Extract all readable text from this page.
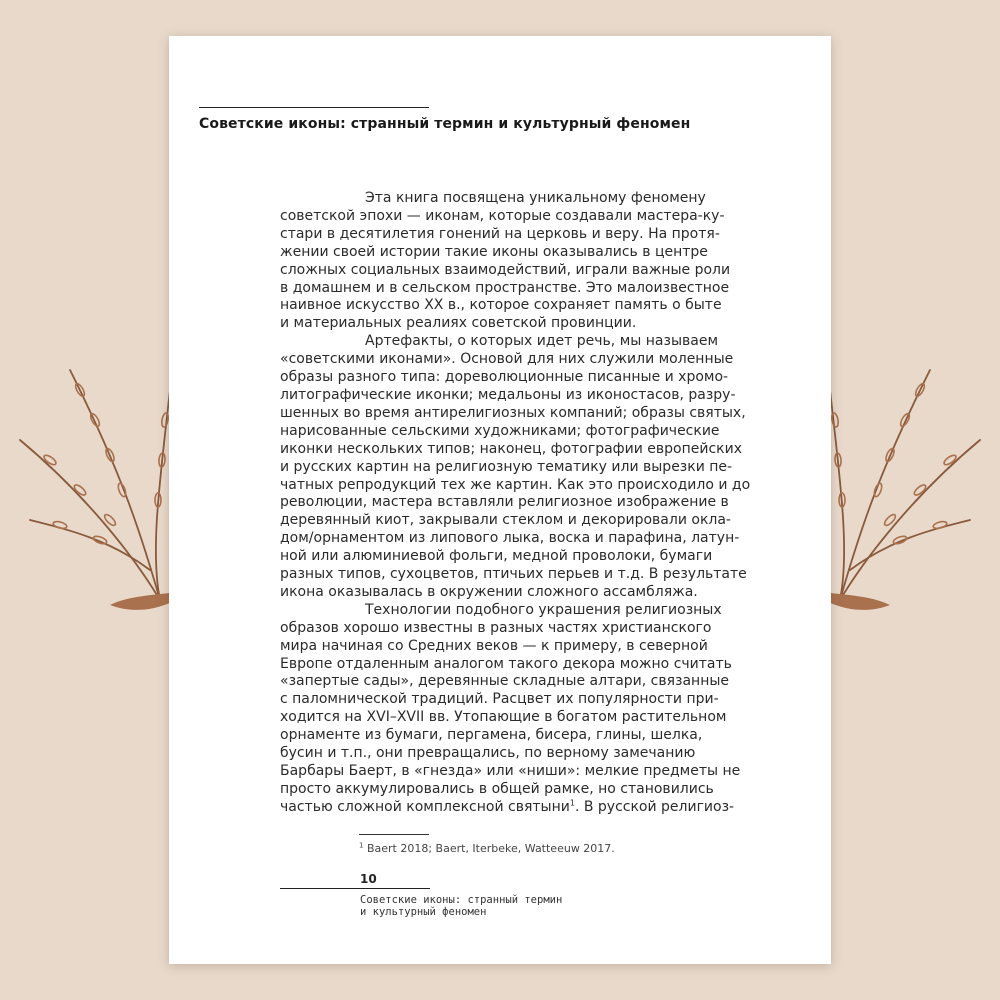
Советские иконы: странный термин и культурный феномен
Эта книга посвящена уникальному феномену
советской эпохи — иконам, которые создавали мастера-ку-
стари в десятилетия гонений на церковь и веру. На протя-
жении своей истории такие иконы оказывались в центре
сложных социальных взаимодействий, играли важные роли
в домашнем и в сельском пространстве. Это малоизвестное
наивное искусство XX в., которое сохраняет память о быте
и материальных реалиях советской провинции.
Артефакты, о которых идет речь, мы называем
«советскими иконами». Основой для них служили моленные
образы разного типа: дореволюционные писанные и хромо-
литографические иконки; медальоны из иконостасов, разру-
шенных во время антирелигиозных компаний; образы святых,
нарисованные сельскими художниками; фотографические
иконки нескольких типов; наконец, фотографии европейских
и русских картин на религиозную тематику или вырезки пе-
чатных репродукций тех же картин. Как это происходило и до
революции, мастера вставляли религиозное изображение в
деревянный киот, закрывали стеклом и декорировали оклa-
дом/орнаментом из липового лыка, воска и парафина, латун-
ной или алюминиевой фольги, медной проволоки, бумаги
разных типов, сухоцветов, птичьих перьев и т.д. В результате
икона оказывалась в окружении сложного ассамбляжа.
Технологии подобного украшения религиозных
образов хорошо известны в разных частях христианского
мира начиная со Средних веков — к примеру, в северной
Европе отдаленным аналогом такого декора можно считать
«запертые сады», деревянные складные алтари, связанные
с паломнической традиций. Расцвет их популярности при-
ходится на XVI–XVII вв. Утопающие в богатом растительном
орнаменте из бумаги, пергамена, бисера, глины, шелка,
бусин и т.п., они превращались, по верному замечанию
Барбары Баерт, в «гнезда» или «ниши»: мелкие предметы не
просто аккумулировались в общей рамке, но становились
частью сложной комплексной святыни$^1$. В русской религиоз-
$^1$ Baert 2018; Baert, Iterbeke, Watteeuw 2017.
10
Советские иконы: странный термин
и культурный феномен
